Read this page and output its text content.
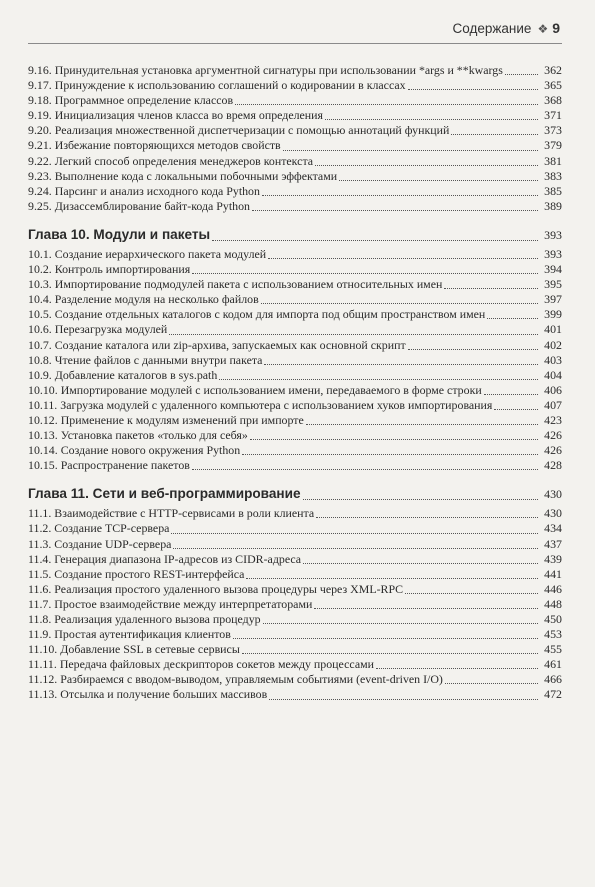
Содержание ❖ 9
9.16. Принудительная установка аргументной сигнатуры при использовании *args и **kwargs	362
9.17. Принуждение к использованию соглашений о кодировании в классах	365
9.18. Программное определение классов	368
9.19. Инициализация членов класса во время определения	371
9.20. Реализация множественной диспетчеризации с помощью аннотаций функций	373
9.21. Избежание повторяющихся методов свойств	379
9.22. Легкий способ определения менеджеров контекста	381
9.23. Выполнение кода с локальными побочными эффектами	383
9.24. Парсинг и анализ исходного кода Python	385
9.25. Дизассемблирование байт-кода Python	389
Глава 10. Модули и пакеты	393
10.1. Создание иерархического пакета модулей	393
10.2. Контроль импортирования	394
10.3. Импортирование подмодулей пакета с использованием относительных имен	395
10.4. Разделение модуля на несколько файлов	397
10.5. Создание отдельных каталогов с кодом для импорта под общим пространством имен	399
10.6. Перезагрузка модулей	401
10.7. Создание каталога или zip-архива, запускаемых как основной скрипт	402
10.8. Чтение файлов с данными внутри пакета	403
10.9. Добавление каталогов в sys.path	404
10.10. Импортирование модулей с использованием имени, передаваемого в форме строки	406
10.11. Загрузка модулей с удаленного компьютера с использованием хуков импортирования	407
10.12. Применение к модулям изменений при импорте	423
10.13. Установка пакетов «только для себя»	426
10.14. Создание нового окружения Python	426
10.15. Распространение пакетов	428
Глава 11. Сети и веб-программирование	430
11.1. Взаимодействие с HTTP-сервисами в роли клиента	430
11.2. Создание TCP-сервера	434
11.3. Создание UDP-сервера	437
11.4. Генерация диапазона IP-адресов из CIDR-адреса	439
11.5. Создание простого REST-интерфейса	441
11.6. Реализация простого удаленного вызова процедуры через XML-RPC	446
11.7. Простое взаимодействие между интерпретаторами	448
11.8. Реализация удаленного вызова процедур	450
11.9. Простая аутентификация клиентов	453
11.10. Добавление SSL в сетевые сервисы	455
11.11. Передача файловых дескрипторов сокетов между процессами	461
11.12. Разбираемся с вводом-выводом, управляемым событиями (event-driven I/O)	466
11.13. Отсылка и получение больших массивов	472
